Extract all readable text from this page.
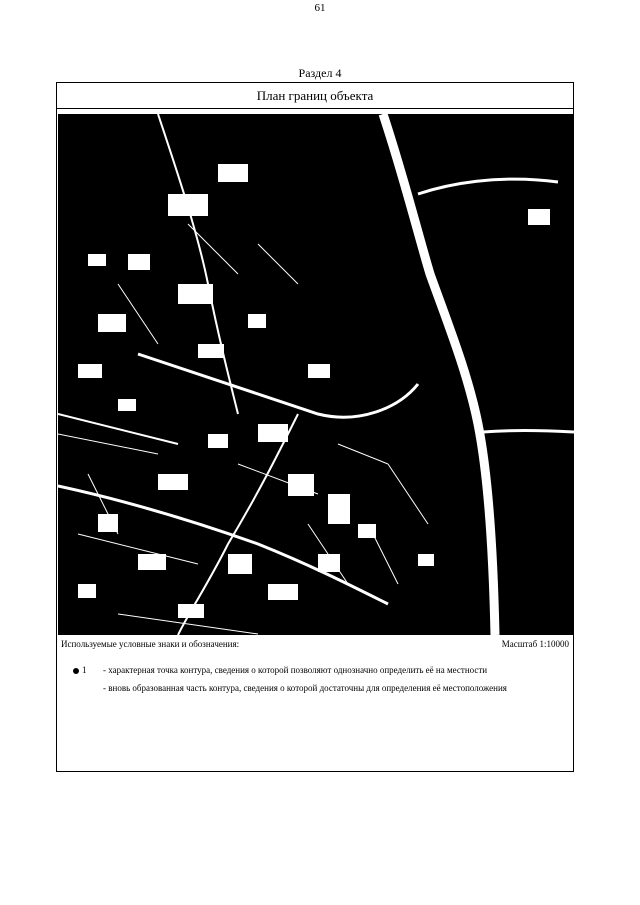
61
Раздел 4
План границ объекта
Используемые условные знаки и обозначения:	Масштаб 1:10000
1	- характерная точка контура, сведения о которой позволяют однозначно определить её на местности
- вновь образованная часть контура, сведения о которой достаточны для определения её местоположения
